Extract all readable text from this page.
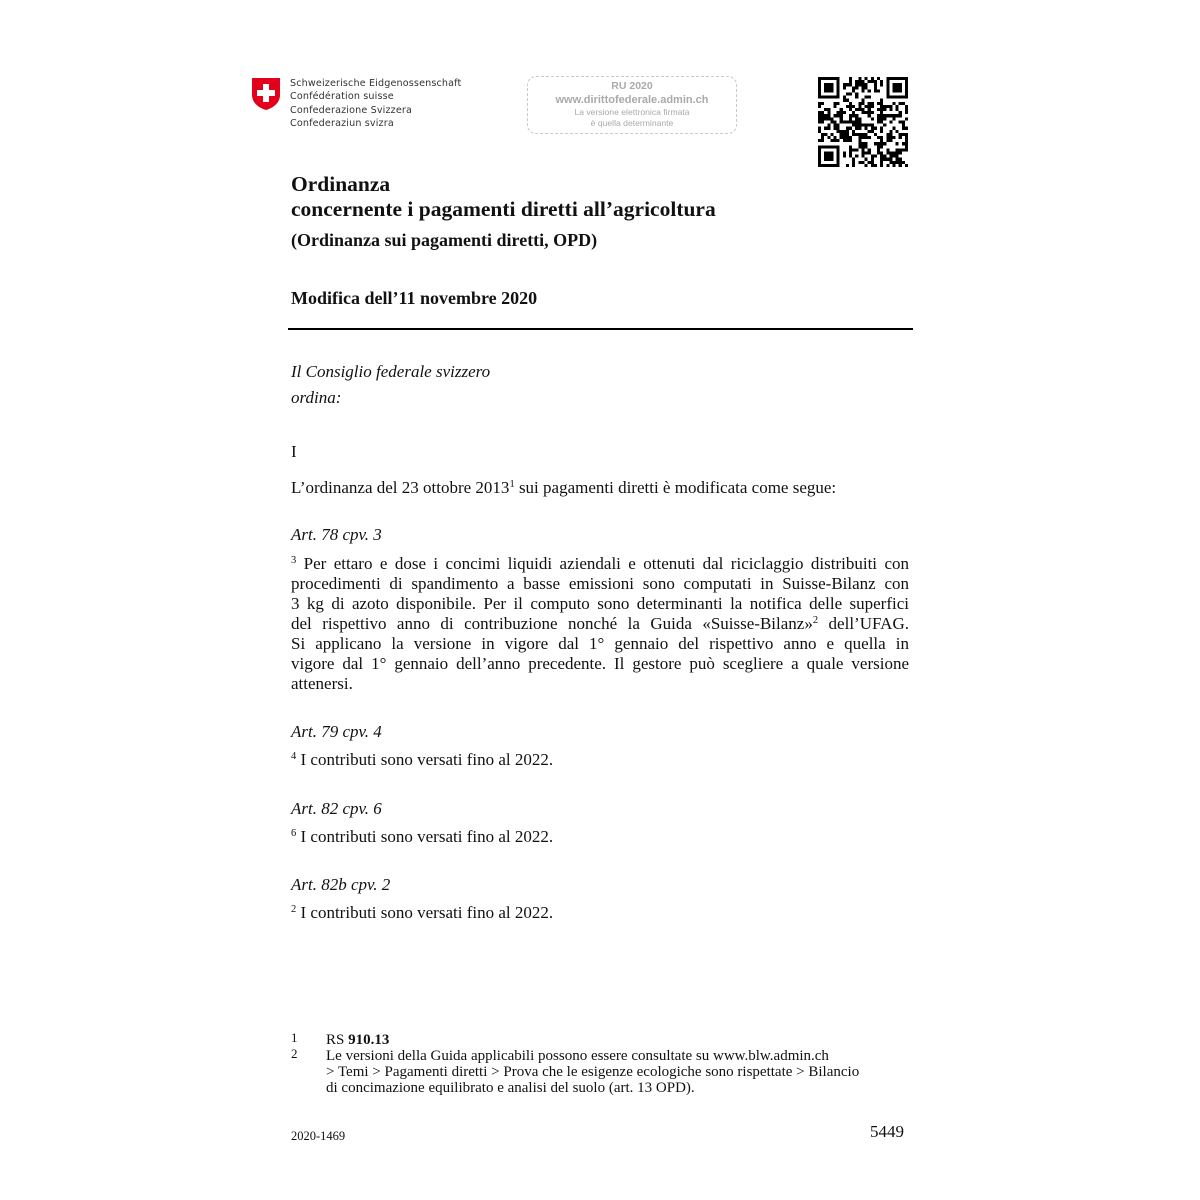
Schweizerische Eidgenossenschaft
Confédération suisse
Confederazione Svizzera
Confederaziun svizra
RU 2020
www.dirittofederale.admin.ch
La versione elettronica firmata
è quella determinante
Ordinanza
concernente i pagamenti diretti all’agricoltura
(Ordinanza sui pagamenti diretti, OPD)
Modifica dell’11 novembre 2020
Il Consiglio federale svizzero
ordina:
I
L’ordinanza del 23 ottobre 2013$^1$ sui pagamenti diretti è modificata come segue:
Art. 78 cpv. 3
$^3$ Per ettaro e dose i concimi liquidi aziendali e ottenuti dal riciclaggio distribuiti con
procedimenti di spandimento a basse emissioni sono computati in Suisse-Bilanz con
3 kg di azoto disponibile. Per il computo sono determinanti la notifica delle superfici
del rispettivo anno di contribuzione nonché la Guida «Suisse-Bilanz»$^2$ dell’UFAG.
Si applicano la versione in vigore dal 1° gennaio del rispettivo anno e quella in
vigore dal 1° gennaio dell’anno precedente. Il gestore può scegliere a quale versione
attenersi.
Art. 79 cpv. 4
$^4$ I contributi sono versati fino al 2022.
Art. 82 cpv. 6
$^6$ I contributi sono versati fino al 2022.
Art. 82b cpv. 2
$^2$ I contributi sono versati fino al 2022.
1 RS 910.13
2 Le versioni della Guida applicabili possono essere consultate su www.blw.admin.ch
> Temi > Pagamenti diretti > Prova che le esigenze ecologiche sono rispettate > Bilancio
di concimazione equilibrato e analisi del suolo (art. 13 OPD).
2020-1469	5449
